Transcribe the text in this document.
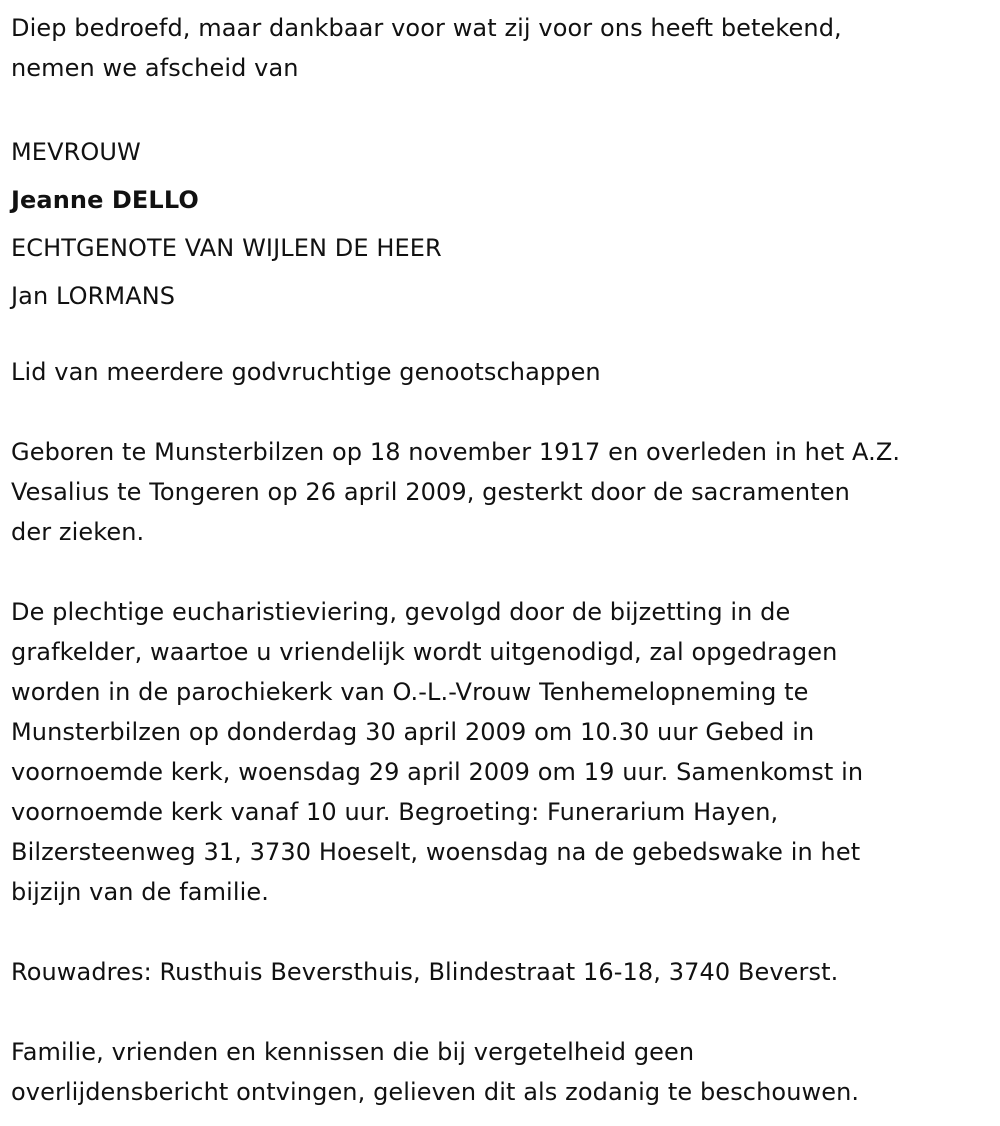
Diep bedroefd, maar dankbaar voor wat zij voor ons heeft betekend,
nemen we afscheid van

MEVROUW
Jeanne DELLO
ECHTGENOTE VAN WIJLEN DE HEER
Jan LORMANS

Lid van meerdere godvruchtige genootschappen

Geboren te Munsterbilzen op 18 november 1917 en overleden in het A.Z.
Vesalius te Tongeren op 26 april 2009, gesterkt door de sacramenten
der zieken.

De plechtige eucharistieviering, gevolgd door de bijzetting in de
grafkelder, waartoe u vriendelijk wordt uitgenodigd, zal opgedragen
worden in de parochiekerk van O.-L.-Vrouw Tenhemelopneming te
Munsterbilzen op donderdag 30 april 2009 om 10.30 uur Gebed in
voornoemde kerk, woensdag 29 april 2009 om 19 uur. Samenkomst in
voornoemde kerk vanaf 10 uur. Begroeting: Funerarium Hayen,
Bilzersteenweg 31, 3730 Hoeselt, woensdag na de gebedswake in het
bijzijn van de familie.

Rouwadres: Rusthuis Beversthuis, Blindestraat 16-18, 3740 Beverst.

Familie, vrienden en kennissen die bij vergetelheid geen
overlijdensbericht ontvingen, gelieven dit als zodanig te beschouwen.
